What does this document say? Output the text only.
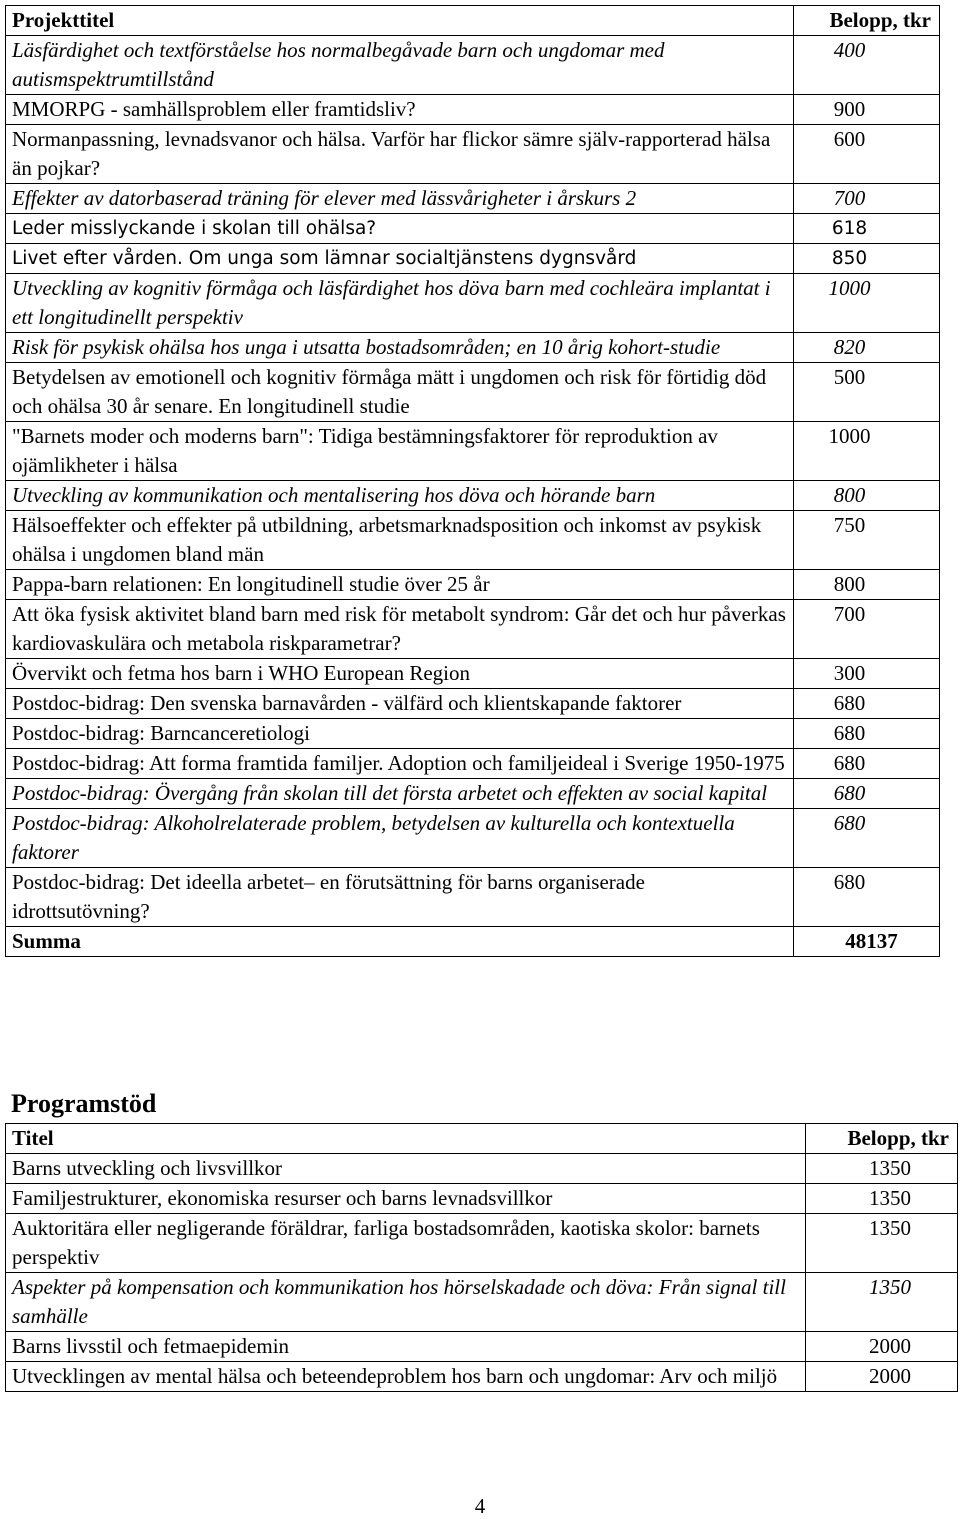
Projekttitel	Belopp, tkr
Läsfärdighet och textförståelse hos normalbegåvade barn och ungdomar med autismspektrumtillstånd	400
MMORPG - samhällsproblem eller framtidsliv?	900
Normanpassning, levnadsvanor och hälsa. Varför har flickor sämre själv-rapporterad hälsa än pojkar?	600
Effekter av datorbaserad träning för elever med lässvårigheter i årskurs 2	700
Leder misslyckande i skolan till ohälsa?	618
Livet efter vården. Om unga som lämnar socialtjänstens dygnsvård	850
Utveckling av kognitiv förmåga och läsfärdighet hos döva barn med cochleära implantat i ett longitudinellt perspektiv	1000
Risk för psykisk ohälsa hos unga i utsatta bostadsområden; en 10 årig kohort-studie	820
Betydelsen av emotionell och kognitiv förmåga mätt i ungdomen och risk för förtidig död och ohälsa 30 år senare. En longitudinell studie	500
"Barnets moder och moderns barn": Tidiga bestämningsfaktorer för reproduktion av ojämlikheter i hälsa	1000
Utveckling av kommunikation och mentalisering hos döva och hörande barn	800
Hälsoeffekter och effekter på utbildning, arbetsmarknadsposition och inkomst av psykisk ohälsa i ungdomen bland män	750
Pappa-barn relationen: En longitudinell studie över 25 år	800
Att öka fysisk aktivitet bland barn med risk för metabolt syndrom: Går det och hur påverkas kardiovaskulära och metabola riskparametrar?	700
Övervikt och fetma hos barn i WHO European Region	300
Postdoc-bidrag: Den svenska barnavården - välfärd och klientskapande faktorer	680
Postdoc-bidrag: Barncanceretiologi	680
Postdoc-bidrag: Att forma framtida familjer. Adoption och familjeideal i Sverige 1950-1975	680
Postdoc-bidrag: Övergång från skolan till det första arbetet och effekten av social kapital	680
Postdoc-bidrag: Alkoholrelaterade problem, betydelsen av kulturella och kontextuella faktorer	680
Postdoc-bidrag: Det ideella arbetet– en förutsättning för barns organiserade idrottsutövning?	680
Summa	48137
Programstöd
Titel	Belopp, tkr
Barns utveckling och livsvillkor	1350
Familjestrukturer, ekonomiska resurser och barns levnadsvillkor	1350
Auktoritära eller negligerande föräldrar, farliga bostadsområden, kaotiska skolor: barnets perspektiv	1350
Aspekter på kompensation och kommunikation hos hörselskadade och döva: Från signal till samhälle	1350
Barns livsstil och fetmaepidemin	2000
Utvecklingen av mental hälsa och beteendeproblem hos barn och ungdomar: Arv och miljö	2000
4
